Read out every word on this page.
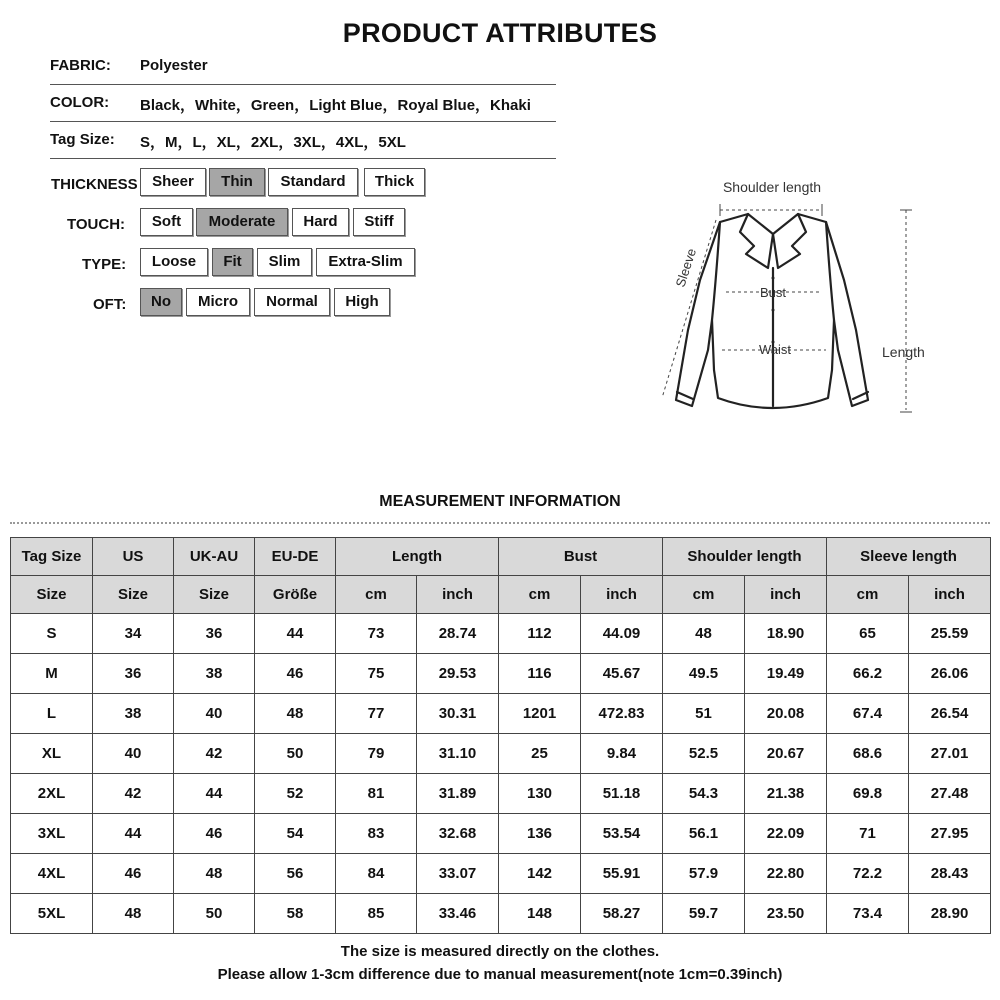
PRODUCT ATTRIBUTES
FABRIC: Polyester
COLOR: Black，White，Green，Light Blue，Royal Blue，Khaki
Tag Size: S，M，L，XL，2XL，3XL，4XL，5XL
THICKNESS Sheer	Thin	Standard	Thick
TOUCH:	Soft	Moderate	Hard	Stiff
TYPE:	Loose	Fit	Slim	Extra-Slim
OFT:	No	Micro	Normal	High
Shoulder length
Bust
Waist	Length
Sleeve
MEASUREMENT INFORMATION
Tag Size	US	UK-AU	EU-DE	Length		Bust		Shoulder length		Sleeve length	
Size	Size	Size	Größe	cm	inch	cm	inch	cm	inch	cm	inch
S	34	36	44	73	28.74	112	44.09	48	18.90	65	25.59
M	36	38	46	75	29.53	116	45.67	49.5	19.49	66.2	26.06
L	38	40	48	77	30.31	1201	472.83	51	20.08	67.4	26.54
XL	40	42	50	79	31.10	25	9.84	52.5	20.67	68.6	27.01
2XL	42	44	52	81	31.89	130	51.18	54.3	21.38	69.8	27.48
3XL	44	46	54	83	32.68	136	53.54	56.1	22.09	71	27.95
4XL	46	48	56	84	33.07	142	55.91	57.9	22.80	72.2	28.43
5XL	48	50	58	85	33.46	148	58.27	59.7	23.50	73.4	28.90
The size is measured directly on the clothes.
Please allow 1-3cm difference due to manual measurement(note 1cm=0.39inch)
